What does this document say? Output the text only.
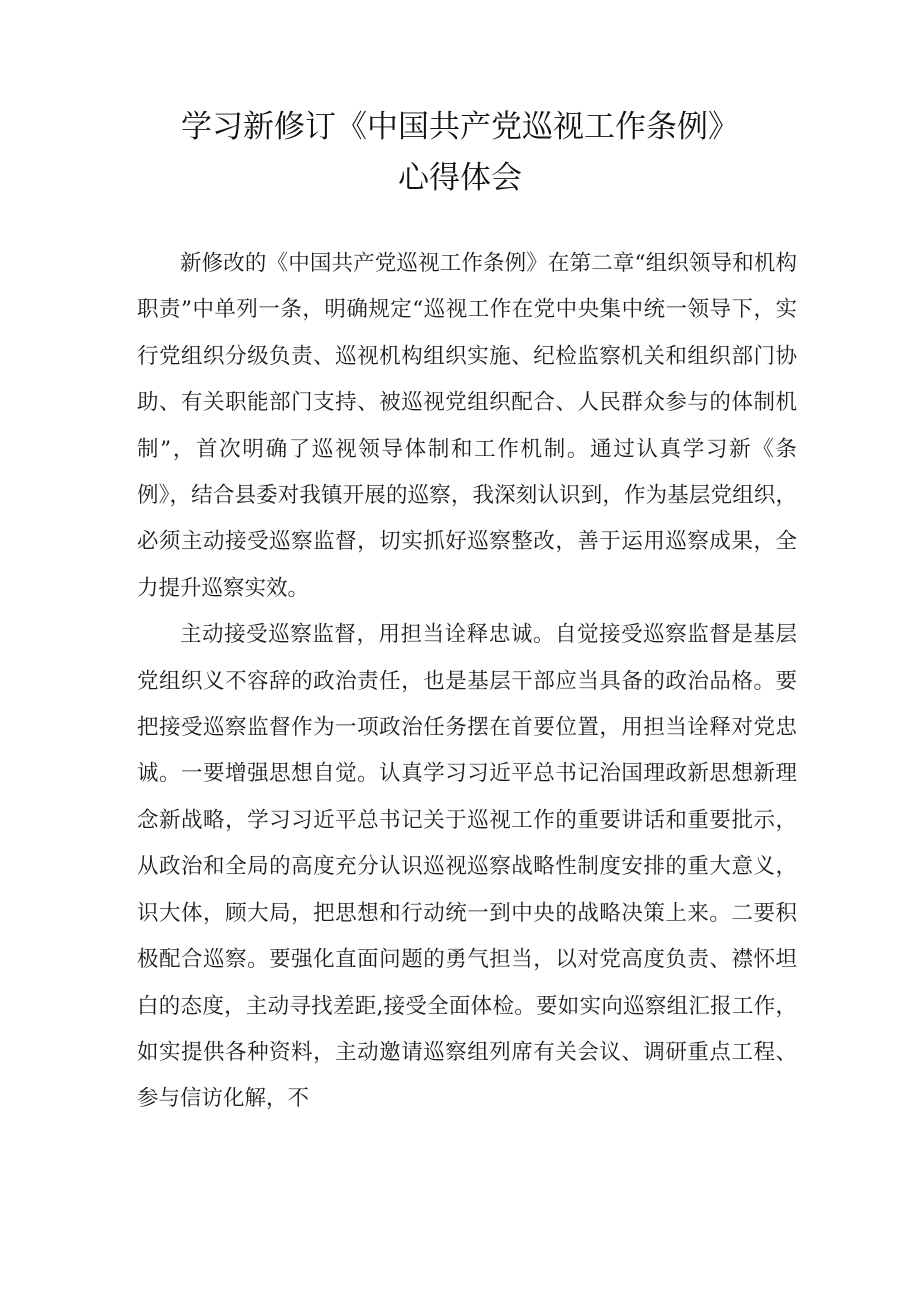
学习新修订《中国共产党巡视工作条例》
心得体会

新修改的《中国共产党巡视工作条例》在第二章“组织领导和机构职责”中单列一条，明确规定“巡视工作在党中央集中统一领导下，实行党组织分级负责、巡视机构组织实施、纪检监察机关和组织部门协助、有关职能部门支持、被巡视党组织配合、人民群众参与的体制机制”，首次明确了巡视领导体制和工作机制。通过认真学习新《条例》，结合县委对我镇开展的巡察，我深刻认识到，作为基层党组织，必须主动接受巡察监督，切实抓好巡察整改，善于运用巡察成果，全力提升巡察实效。

主动接受巡察监督，用担当诠释忠诚。自觉接受巡察监督是基层党组织义不容辞的政治责任，也是基层干部应当具备的政治品格。要把接受巡察监督作为一项政治任务摆在首要位置，用担当诠释对党忠诚。一要增强思想自觉。认真学习习近平总书记治国理政新思想新理念新战略，学习习近平总书记关于巡视工作的重要讲话和重要批示，从政治和全局的高度充分认识巡视巡察战略性制度安排的重大意义，识大体，顾大局，把思想和行动统一到中央的战略决策上来。二要积极配合巡察。要强化直面问题的勇气担当，以对党高度负责、襟怀坦白的态度，主动寻找差距,接受全面体检。要如实向巡察组汇报工作，如实提供各种资料，主动邀请巡察组列席有关会议、调研重点工程、参与信访化解，不
